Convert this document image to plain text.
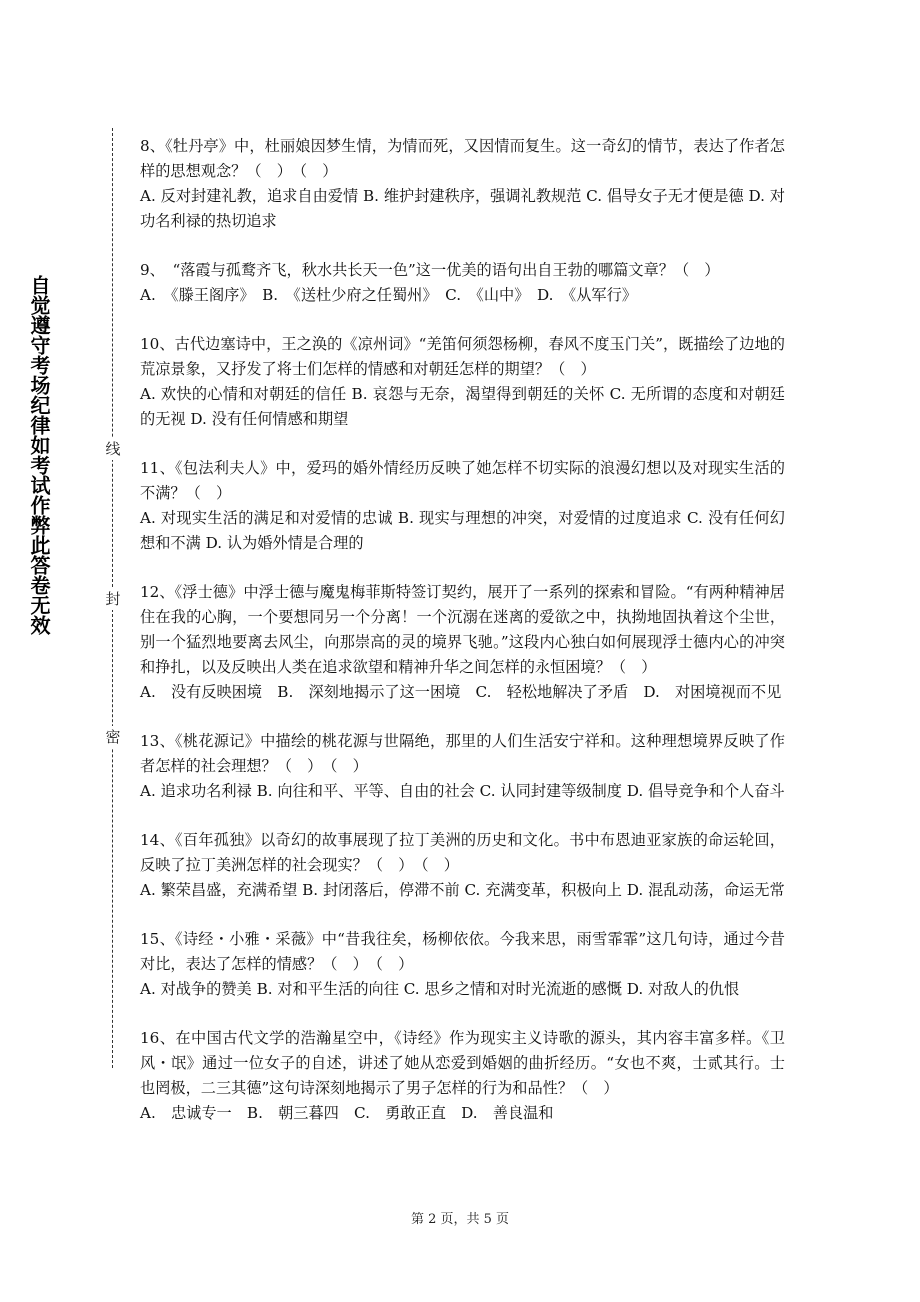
自觉遵守考场纪律如考试作弊此答卷无效	线
封
密

8、《牡丹亭》中，杜丽娘因梦生情，为情而死，又因情而复生。这一奇幻的情节，表达了作者怎样的思想观念？（　）　（　）

A. 反对封建礼教，追求自由爱情 B. 维护封建秩序，强调礼教规范 C. 倡导女子无才便是德 D. 对功名利禄的热切追求

9、　“落霞与孤鹜齐飞，秋水共长天一色”这一优美的语句出自王勃的哪篇文章？（　）

A.　《滕王阁序》　B.　《送杜少府之任蜀州》　C.　《山中》　D.　《从军行》

10、古代边塞诗中，王之涣的《凉州词》“羌笛何须怨杨柳，春风不度玉门关”，既描绘了边地的荒凉景象，又抒发了将士们怎样的情感和对朝廷怎样的期望？（　）

A. 欢快的心情和对朝廷的信任 B. 哀怨与无奈，渴望得到朝廷的关怀 C. 无所谓的态度和对朝廷的无视 D. 没有任何情感和期望

11、《包法利夫人》中，爱玛的婚外情经历反映了她怎样不切实际的浪漫幻想以及对现实生活的不满？（　）

A. 对现实生活的满足和对爱情的忠诚 B. 现实与理想的冲突，对爱情的过度追求 C. 没有任何幻想和不满 D. 认为婚外情是合理的

12、《浮士德》中浮士德与魔鬼梅菲斯特签订契约，展开了一系列的探索和冒险。“有两种精神居住在我的心胸，一个要想同另一个分离！一个沉溺在迷离的爱欲之中，执拗地固执着这个尘世，别一个猛烈地要离去风尘，向那崇高的灵的境界飞驰。”这段内心独白如何展现浮士德内心的冲突和挣扎，以及反映出人类在追求欲望和精神升华之间怎样的永恒困境？（　）

A.　没有反映困境　B.　深刻地揭示了这一困境　C.　轻松地解决了矛盾　D.　对困境视而不见

13、《桃花源记》中描绘的桃花源与世隔绝，那里的人们生活安宁祥和。这种理想境界反映了作者怎样的社会理想？（　）　（　）

A. 追求功名利禄 B. 向往和平、平等、自由的社会 C. 认同封建等级制度 D. 倡导竞争和个人奋斗

14、《百年孤独》以奇幻的故事展现了拉丁美洲的历史和文化。书中布恩迪亚家族的命运轮回，反映了拉丁美洲怎样的社会现实？（　）　（　）

A. 繁荣昌盛，充满希望 B. 封闭落后，停滞不前 C. 充满变革，积极向上 D. 混乱动荡，命运无常

15、《诗经・小雅・采薇》中“昔我往矣，杨柳依依。今我来思，雨雪霏霏”这几句诗，通过今昔对比，表达了怎样的情感？（　）　（　）

A. 对战争的赞美 B. 对和平生活的向往 C. 思乡之情和对时光流逝的感慨 D. 对敌人的仇恨

16、在中国古代文学的浩瀚星空中，《诗经》作为现实主义诗歌的源头，其内容丰富多样。《卫风・氓》通过一位女子的自述，讲述了她从恋爱到婚姻的曲折经历。“女也不爽，士贰其行。士也罔极，二三其德”这句诗深刻地揭示了男子怎样的行为和品性？（　）

A.　忠诚专一　B.　朝三暮四　C.　勇敢正直　D.　善良温和

第 2 页，共 5 页
